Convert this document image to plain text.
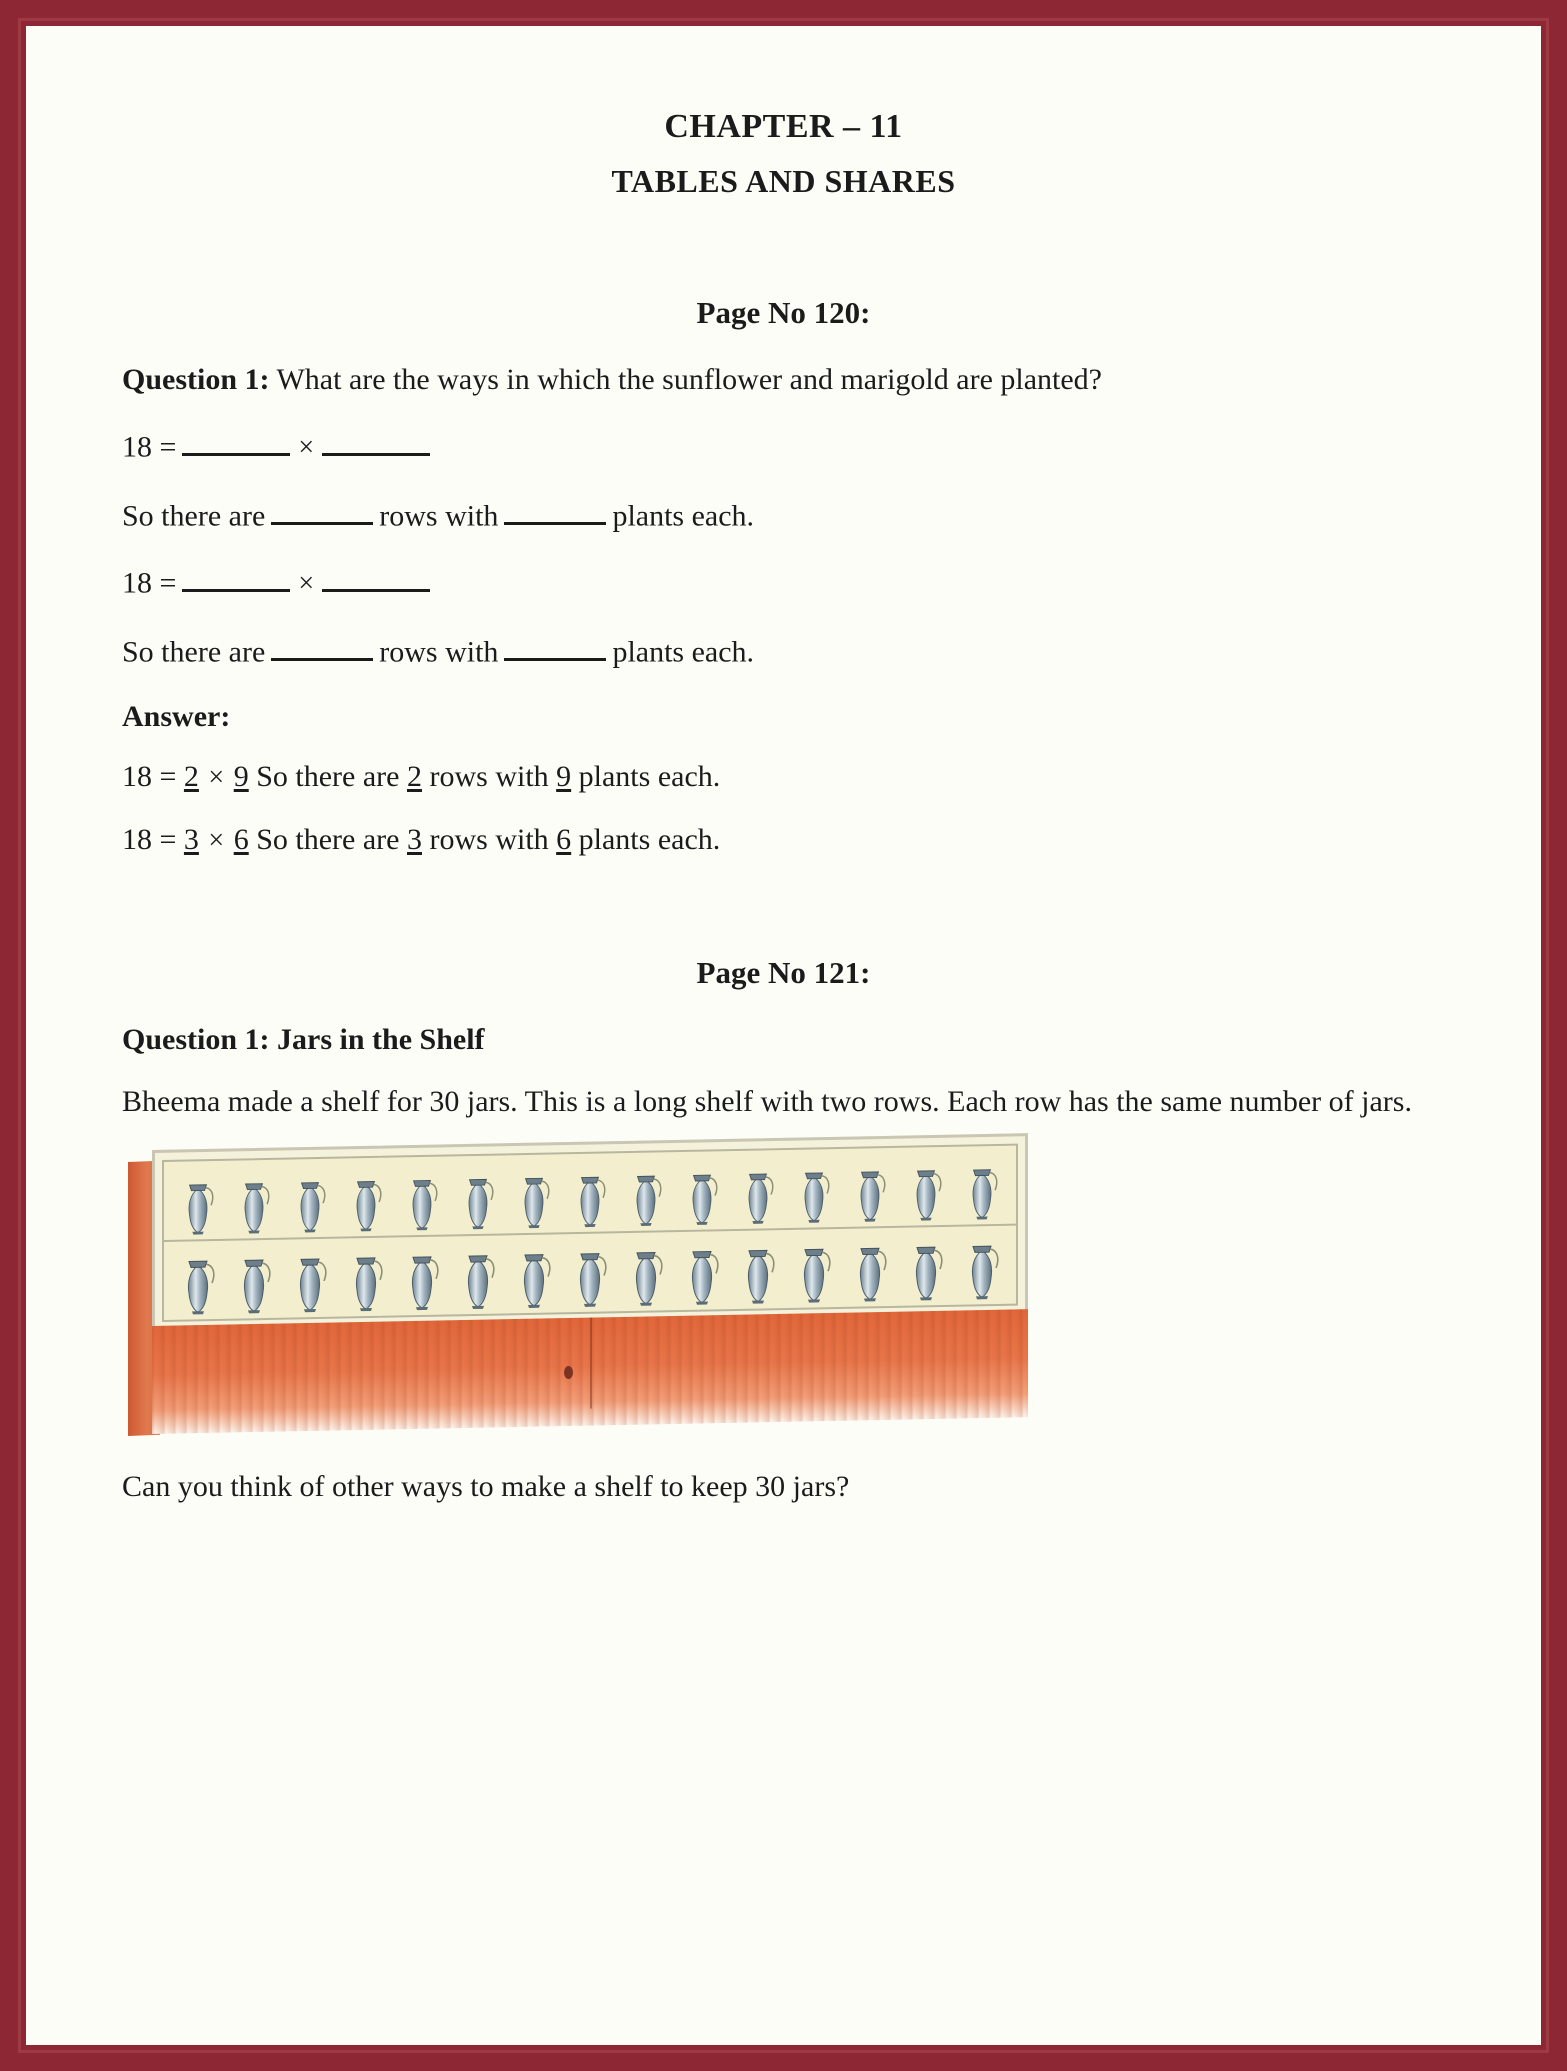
CHAPTER – 11
TABLES AND SHARES
Page No 120:

Question 1: What are the ways in which the sunflower and marigold are planted?

18 =	×

So there are	rows with	plants each.

18 =	×

So there are	rows with	plants each.

Answer:

18 = 2 × 9 So there are 2 rows with 9 plants each.

18 = 3 × 6 So there are 3 rows with 6 plants each.

Page No 121:
Question 1: Jars in the Shelf

Bheema made a shelf for 30 jars. This is a long shelf with two rows. Each row has the same number of jars.

Can you think of other ways to make a shelf to keep 30 jars?
